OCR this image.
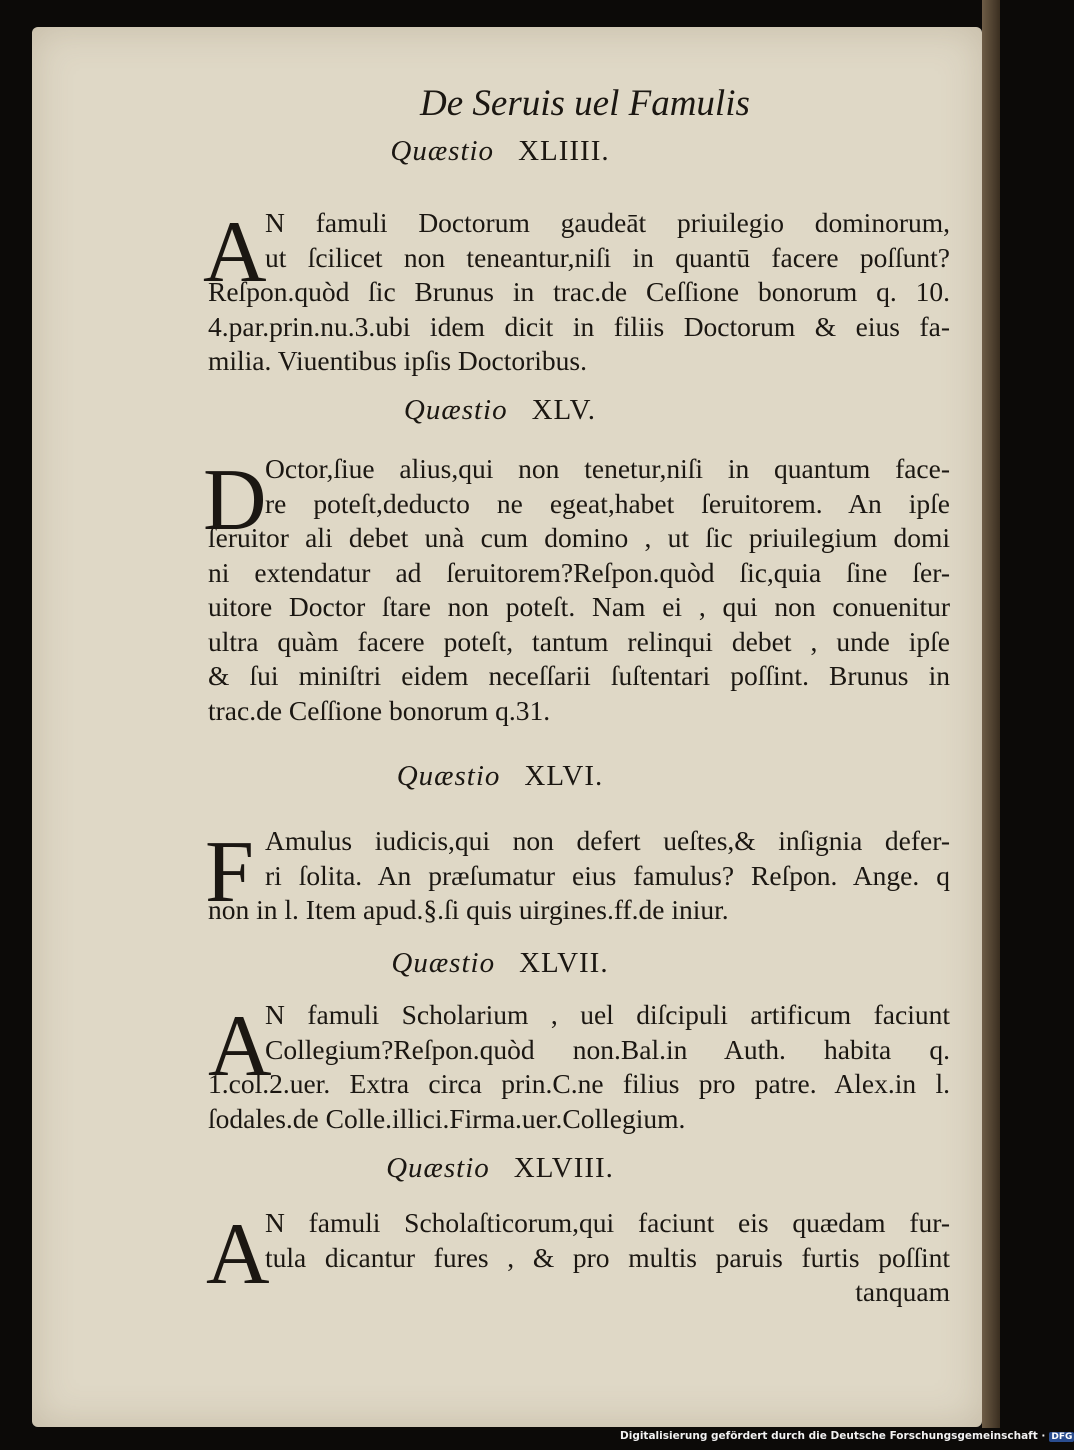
De Seruis uel Famulis
Quæstio XLIIII.
A
N famuli Doctorum gaudeāt priuilegio dominorum,
ut ſcilicet non teneantur,niſi in quantū facere poſſunt?
Reſpon.quòd ſic Brunus in trac.de Ceſſione bonorum q. 10.
4.par.prin.nu.3.ubi idem dicit in filiis Doctorum & eius fa-
milia. Viuentibus ipſis Doctoribus.
Quæstio XLV.
D
Octor,ſiue alius,qui non tenetur,niſi in quantum face-
re poteſt,deducto ne egeat,habet ſeruitorem. An ipſe
ſeruitor ali debet unà cum domino , ut ſic priuilegium domi
ni extendatur ad ſeruitorem?Reſpon.quòd ſic,quia ſine ſer-
uitore Doctor ſtare non poteſt. Nam ei , qui non conuenitur
ultra quàm facere poteſt, tantum relinqui debet , unde ipſe
& ſui miniſtri eidem neceſſarii ſuſtentari poſſint. Brunus in
trac.de Ceſſione bonorum q.31.
Quæstio XLVI.
F Amulus iudicis,qui non defert ueſtes,& inſignia defer-
ri ſolita. An præſumatur eius famulus? Reſpon. Ange. q
non in l. Item apud.§.ſi quis uirgines.ff.de iniur.
Quæstio XLVII.
A
N famuli Scholarium , uel diſcipuli artificum faciunt
Collegium?Reſpon.quòd non.Bal.in Auth. habita q.
1.col.2.uer. Extra circa prin.C.ne filius pro patre. Alex.in l.
ſodales.de Colle.illici.Firma.uer.Collegium.
Quæstio XLVIII.
A
N famuli Scholaſticorum,qui faciunt eis quædam fur-
tula dicantur fures , & pro multis paruis furtis poſſint
tanquam
Digitalisierung gefördert durch die Deutsche Forschungsgemeinschaft · DFG
